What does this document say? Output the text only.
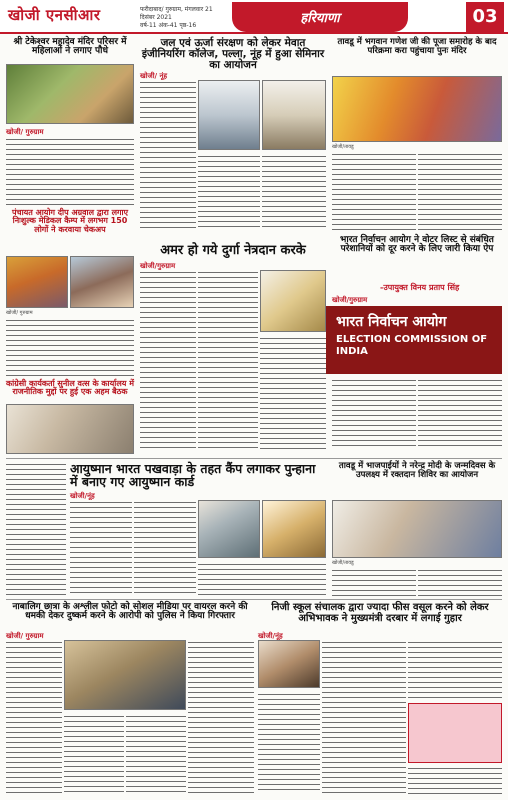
खोजी एनसीआर	फरीदाबाद/ गुरुग्राम, मंगलवार 21 दिसंबर 2021
वर्ष-11 अंक-41 पृष्ठ-16	हरियाणा	03
श्री टेकेश्वर महादेव मंदिर परिसर में महिलाओं ने लगाए पौधे
खोजी/ गुरुग्राम
पंचायत आयोग दीप अग्रवाल द्वारा लगाए निःशुल्क मेडिकल कैम्प में लगभग 150 लोगों ने करवाया चेकअप
खोजी/ गुरुग्राम
कांग्रेसी कार्यकर्ता सुनील वत्स के कार्यालय में राजनीतिक मुद्दों पर हुई एक अहम बैठक
जल एवं ऊर्जा संरक्षण को लेकर मेवात इंजीनियरिंग कॉलेज, पल्ला, नूंह में हुआ सेमिनार का आयोजन
खोजी/ नूंह
तावडू में भगवान गणेश जी की पूजा समारोह के बाद परिक्रमा करा पहुंचाया पुनः मंदिर
खोजी/तावडू
अमर हो गये दुर्गा नेत्रदान करके
खोजी/गुरुग्राम
भारत निर्वाचन आयोग ने वोटर लिस्ट से संबंधित परेशानियों को दूर करने के लिए जारी किया ऐप
-उपायुक्त विनय प्रताप सिंह
खोजी/गुरुग्राम
भारत निर्वाचन आयोग
ELECTION COMMISSION OF INDIA
आयुष्मान भारत पखवाड़ा के तहत कैंप लगाकर पुन्हाना में बनाए गए आयुष्मान कार्ड
खोजी/नूंह
तावडू में भाजपाईयों ने नरेन्द्र मोदी के जन्मदिवस के उपलक्ष्य में रक्तदान शिविर का आयोजन
खोजी/तावडू
नाबालिग छात्रा के अश्लील फोटो को सोशल मीडिया पर वायरल करने की धमकी देकर दुष्कर्म करने के आरोपी को पुलिस ने किया गिरफ्तार
खोजी/ गुरुग्राम
निजी स्कूल संचालक द्वारा ज्यादा फीस वसूल करने को लेकर अभिभावक ने मुख्यमंत्री दरबार में लगाई गुहार
खोजी/नूंह
